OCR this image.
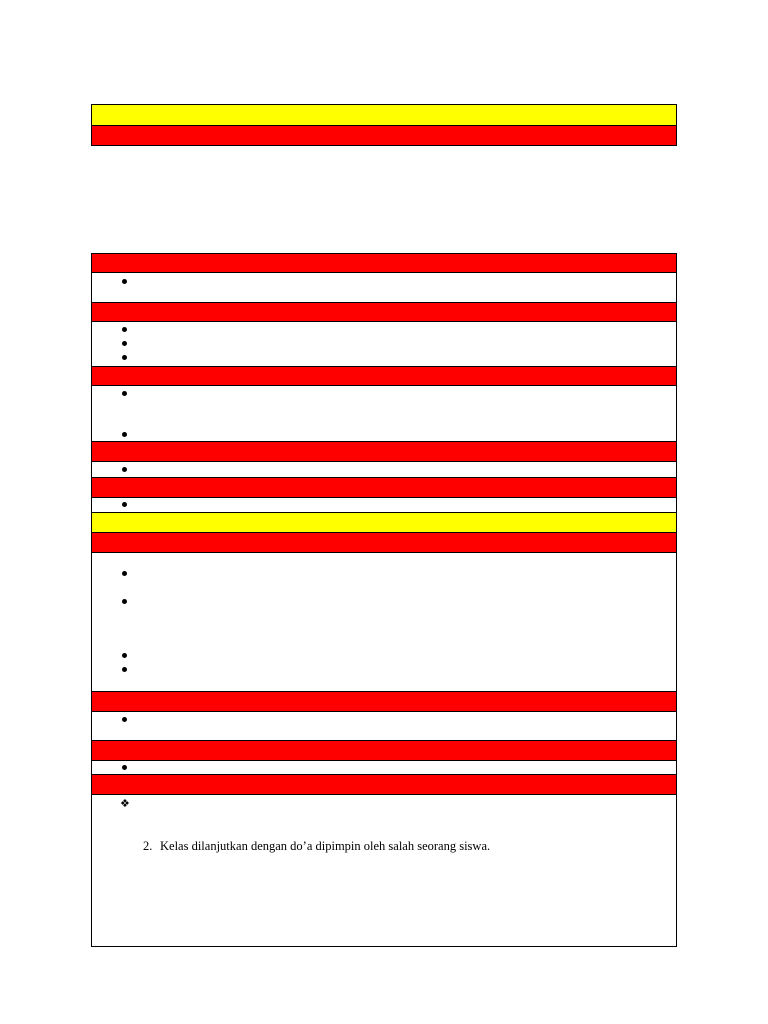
❖
2. Kelas dilanjutkan dengan do’a dipimpin oleh salah seorang siswa.
